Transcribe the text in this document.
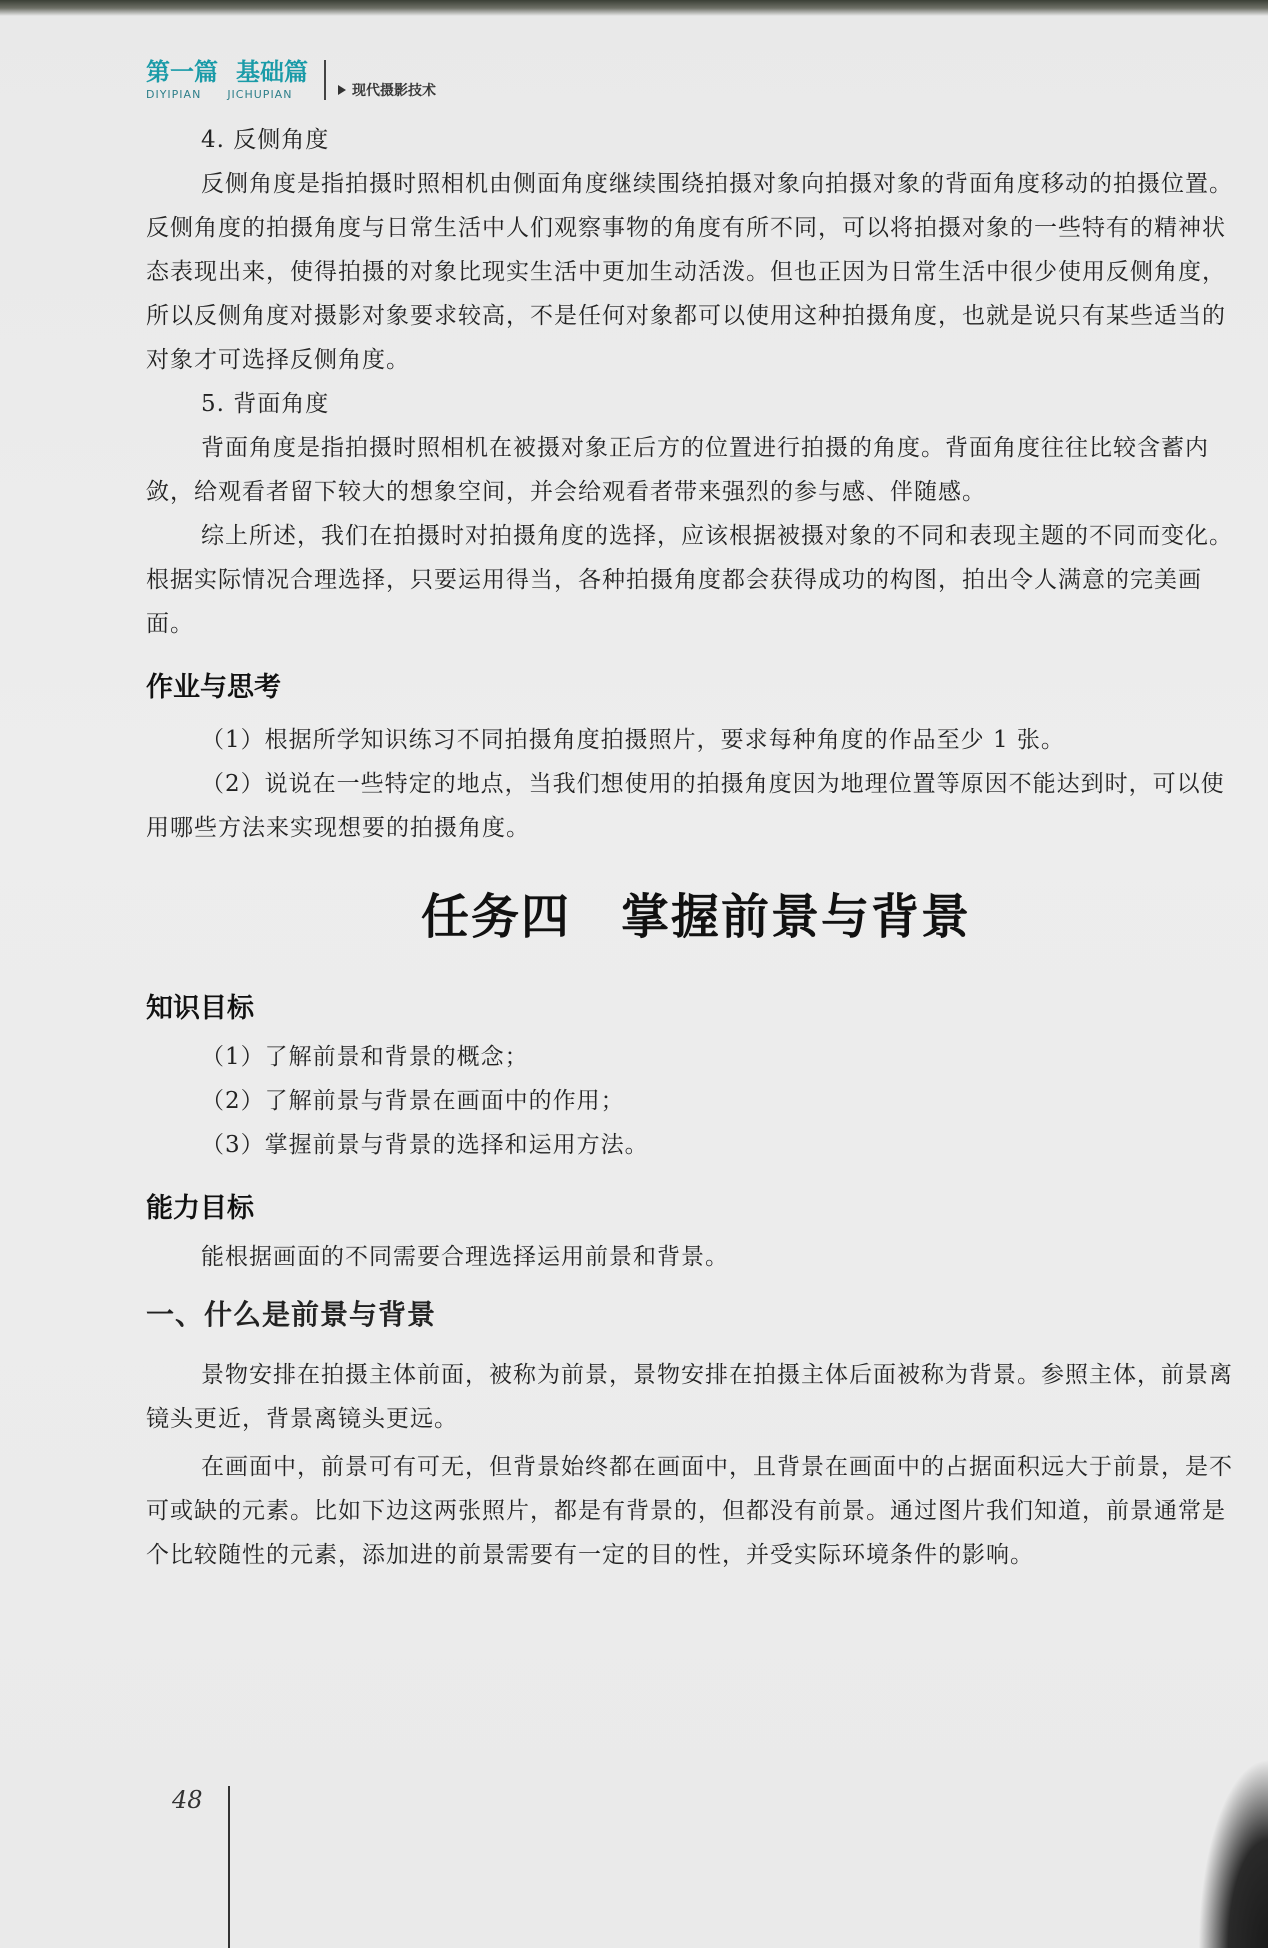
第一篇 基础篇
DIYIPIAN JICHUPIAN	现代摄影技术

4. 反侧角度

反侧角度是指拍摄时照相机由侧面角度继续围绕拍摄对象向拍摄对象的背面角度移动的拍摄位置。反侧角度的拍摄角度与日常生活中人们观察事物的角度有所不同，可以将拍摄对象的一些特有的精神状态表现出来，使得拍摄的对象比现实生活中更加生动活泼。但也正因为日常生活中很少使用反侧角度，所以反侧角度对摄影对象要求较高，不是任何对象都可以使用这种拍摄角度，也就是说只有某些适当的对象才可选择反侧角度。

5. 背面角度

背面角度是指拍摄时照相机在被摄对象正后方的位置进行拍摄的角度。背面角度往往比较含蓄内敛，给观看者留下较大的想象空间，并会给观看者带来强烈的参与感、伴随感。

综上所述，我们在拍摄时对拍摄角度的选择，应该根据被摄对象的不同和表现主题的不同而变化。根据实际情况合理选择，只要运用得当，各种拍摄角度都会获得成功的构图，拍出令人满意的完美画面。

作业与思考

（1）根据所学知识练习不同拍摄角度拍摄照片，要求每种角度的作品至少 1 张。

（2）说说在一些特定的地点，当我们想使用的拍摄角度因为地理位置等原因不能达到时，可以使用哪些方法来实现想要的拍摄角度。

任务四 掌握前景与背景

知识目标

（1）了解前景和背景的概念；

（2）了解前景与背景在画面中的作用；

（3）掌握前景与背景的选择和运用方法。

能力目标

能根据画面的不同需要合理选择运用前景和背景。

一、什么是前景与背景

景物安排在拍摄主体前面，被称为前景，景物安排在拍摄主体后面被称为背景。参照主体，前景离镜头更近，背景离镜头更远。

在画面中，前景可有可无，但背景始终都在画面中，且背景在画面中的占据面积远大于前景，是不可或缺的元素。比如下边这两张照片，都是有背景的，但都没有前景。通过图片我们知道，前景通常是个比较随性的元素，添加进的前景需要有一定的目的性，并受实际环境条件的影响。

48
